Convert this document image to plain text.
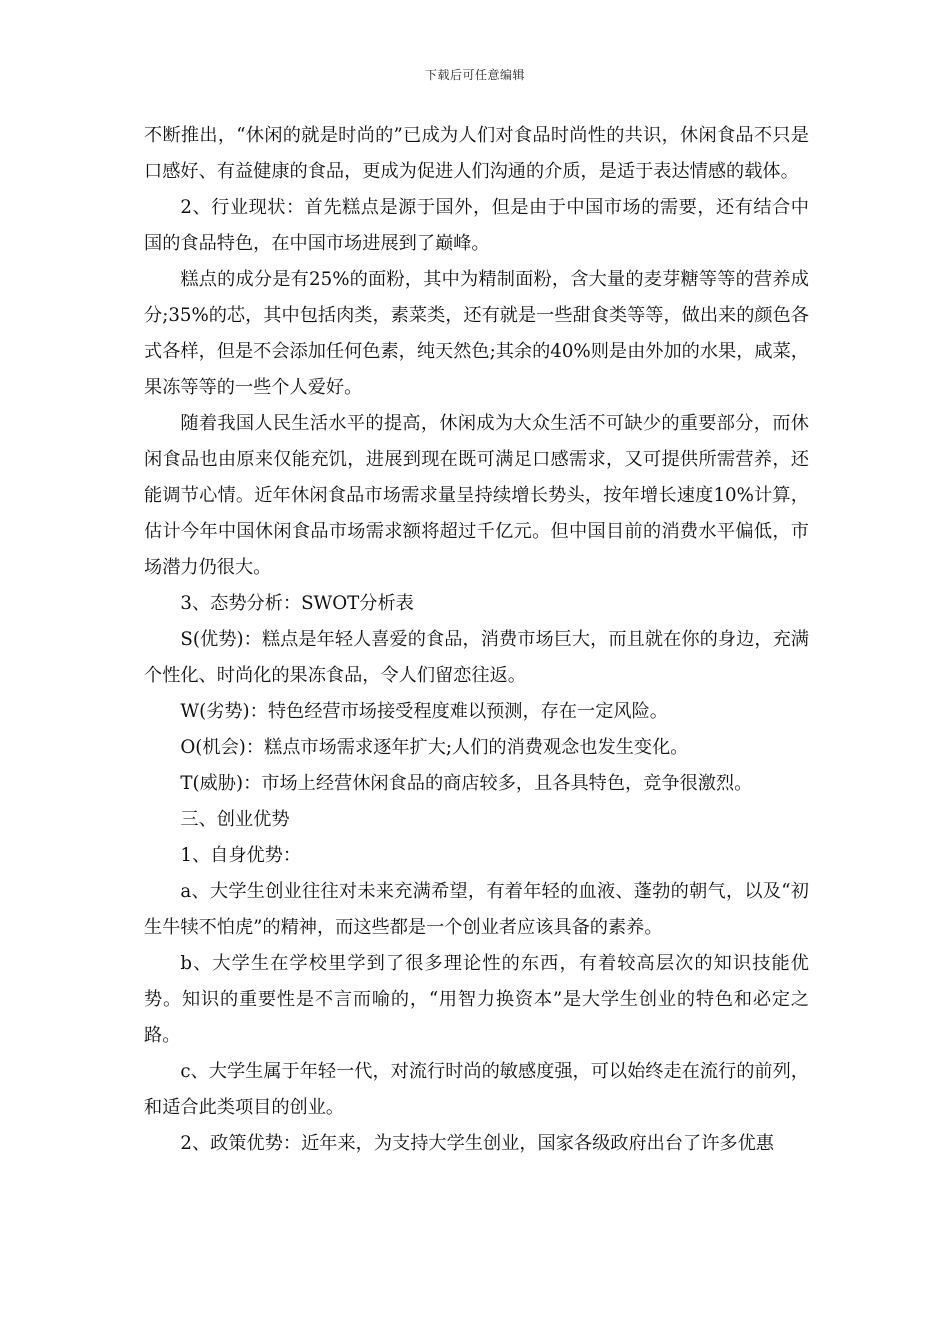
下载后可任意编辑

不断推出，“休闲的就是时尚的”已成为人们对食品时尚性的共识，休闲食品不只是口感好、有益健康的食品，更成为促进人们沟通的介质，是适于表达情感的载体。

2、行业现状：首先糕点是源于国外，但是由于中国市场的需要，还有结合中国的食品特色，在中国市场进展到了巅峰。

糕点的成分是有25%的面粉，其中为精制面粉，含大量的麦芽糖等等的营养成分;35%的芯，其中包括肉类，素菜类，还有就是一些甜食类等等，做出来的颜色各式各样，但是不会添加任何色素，纯天然色;其余的40%则是由外加的水果，咸菜，果冻等等的一些个人爱好。

随着我国人民生活水平的提高，休闲成为大众生活不可缺少的重要部分，而休闲食品也由原来仅能充饥，进展到现在既可满足口感需求，又可提供所需营养，还能调节心情。近年休闲食品市场需求量呈持续增长势头，按年增长速度10%计算，估计今年中国休闲食品市场需求额将超过千亿元。但中国目前的消费水平偏低，市场潜力仍很大。

3、态势分析：SWOT分析表

S(优势)：糕点是年轻人喜爱的食品，消费市场巨大，而且就在你的身边，充满个性化、时尚化的果冻食品，令人们留恋往返。

W(劣势)：特色经营市场接受程度难以预测，存在一定风险。

O(机会)：糕点市场需求逐年扩大;人们的消费观念也发生变化。

T(威胁)：市场上经营休闲食品的商店较多，且各具特色，竞争很激烈。

三、创业优势

1、自身优势：

a、大学生创业往往对未来充满希望，有着年轻的血液、蓬勃的朝气，以及“初生牛犊不怕虎”的精神，而这些都是一个创业者应该具备的素养。

b、大学生在学校里学到了很多理论性的东西，有着较高层次的知识技能优势。知识的重要性是不言而喻的，“用智力换资本”是大学生创业的特色和必定之路。

c、大学生属于年轻一代，对流行时尚的敏感度强，可以始终走在流行的前列，和适合此类项目的创业。

2、政策优势：近年来，为支持大学生创业，国家各级政府出台了许多优惠
